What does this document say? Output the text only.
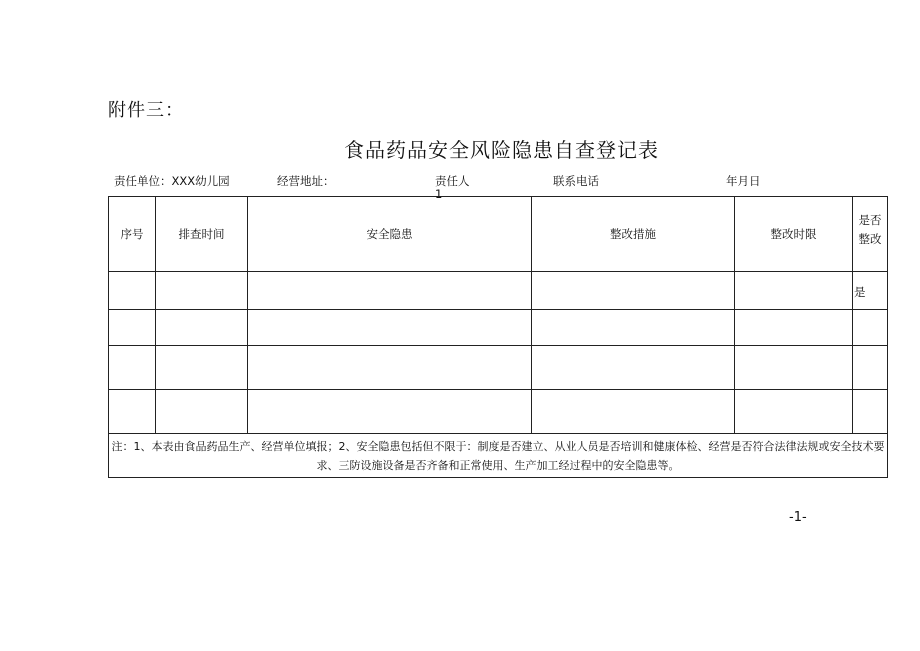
附件三：
食品药品安全风险隐患自查登记表
责任单位：XXX幼儿园	经营地址：	责任人1
联系电话	年月日
序号	排查时间	安全隐患	整改措施	整改时限	是否整改
					是

注：1、本表由食品药品生产、经营单位填报；2、安全隐患包括但不限于：制度是否建立、从业人员是否培训和健康体检、经营是否符合法律法规或安全技术要求、三防设施设备是否齐备和正常使用、生产加工经过程中的安全隐患等。					
-1-
